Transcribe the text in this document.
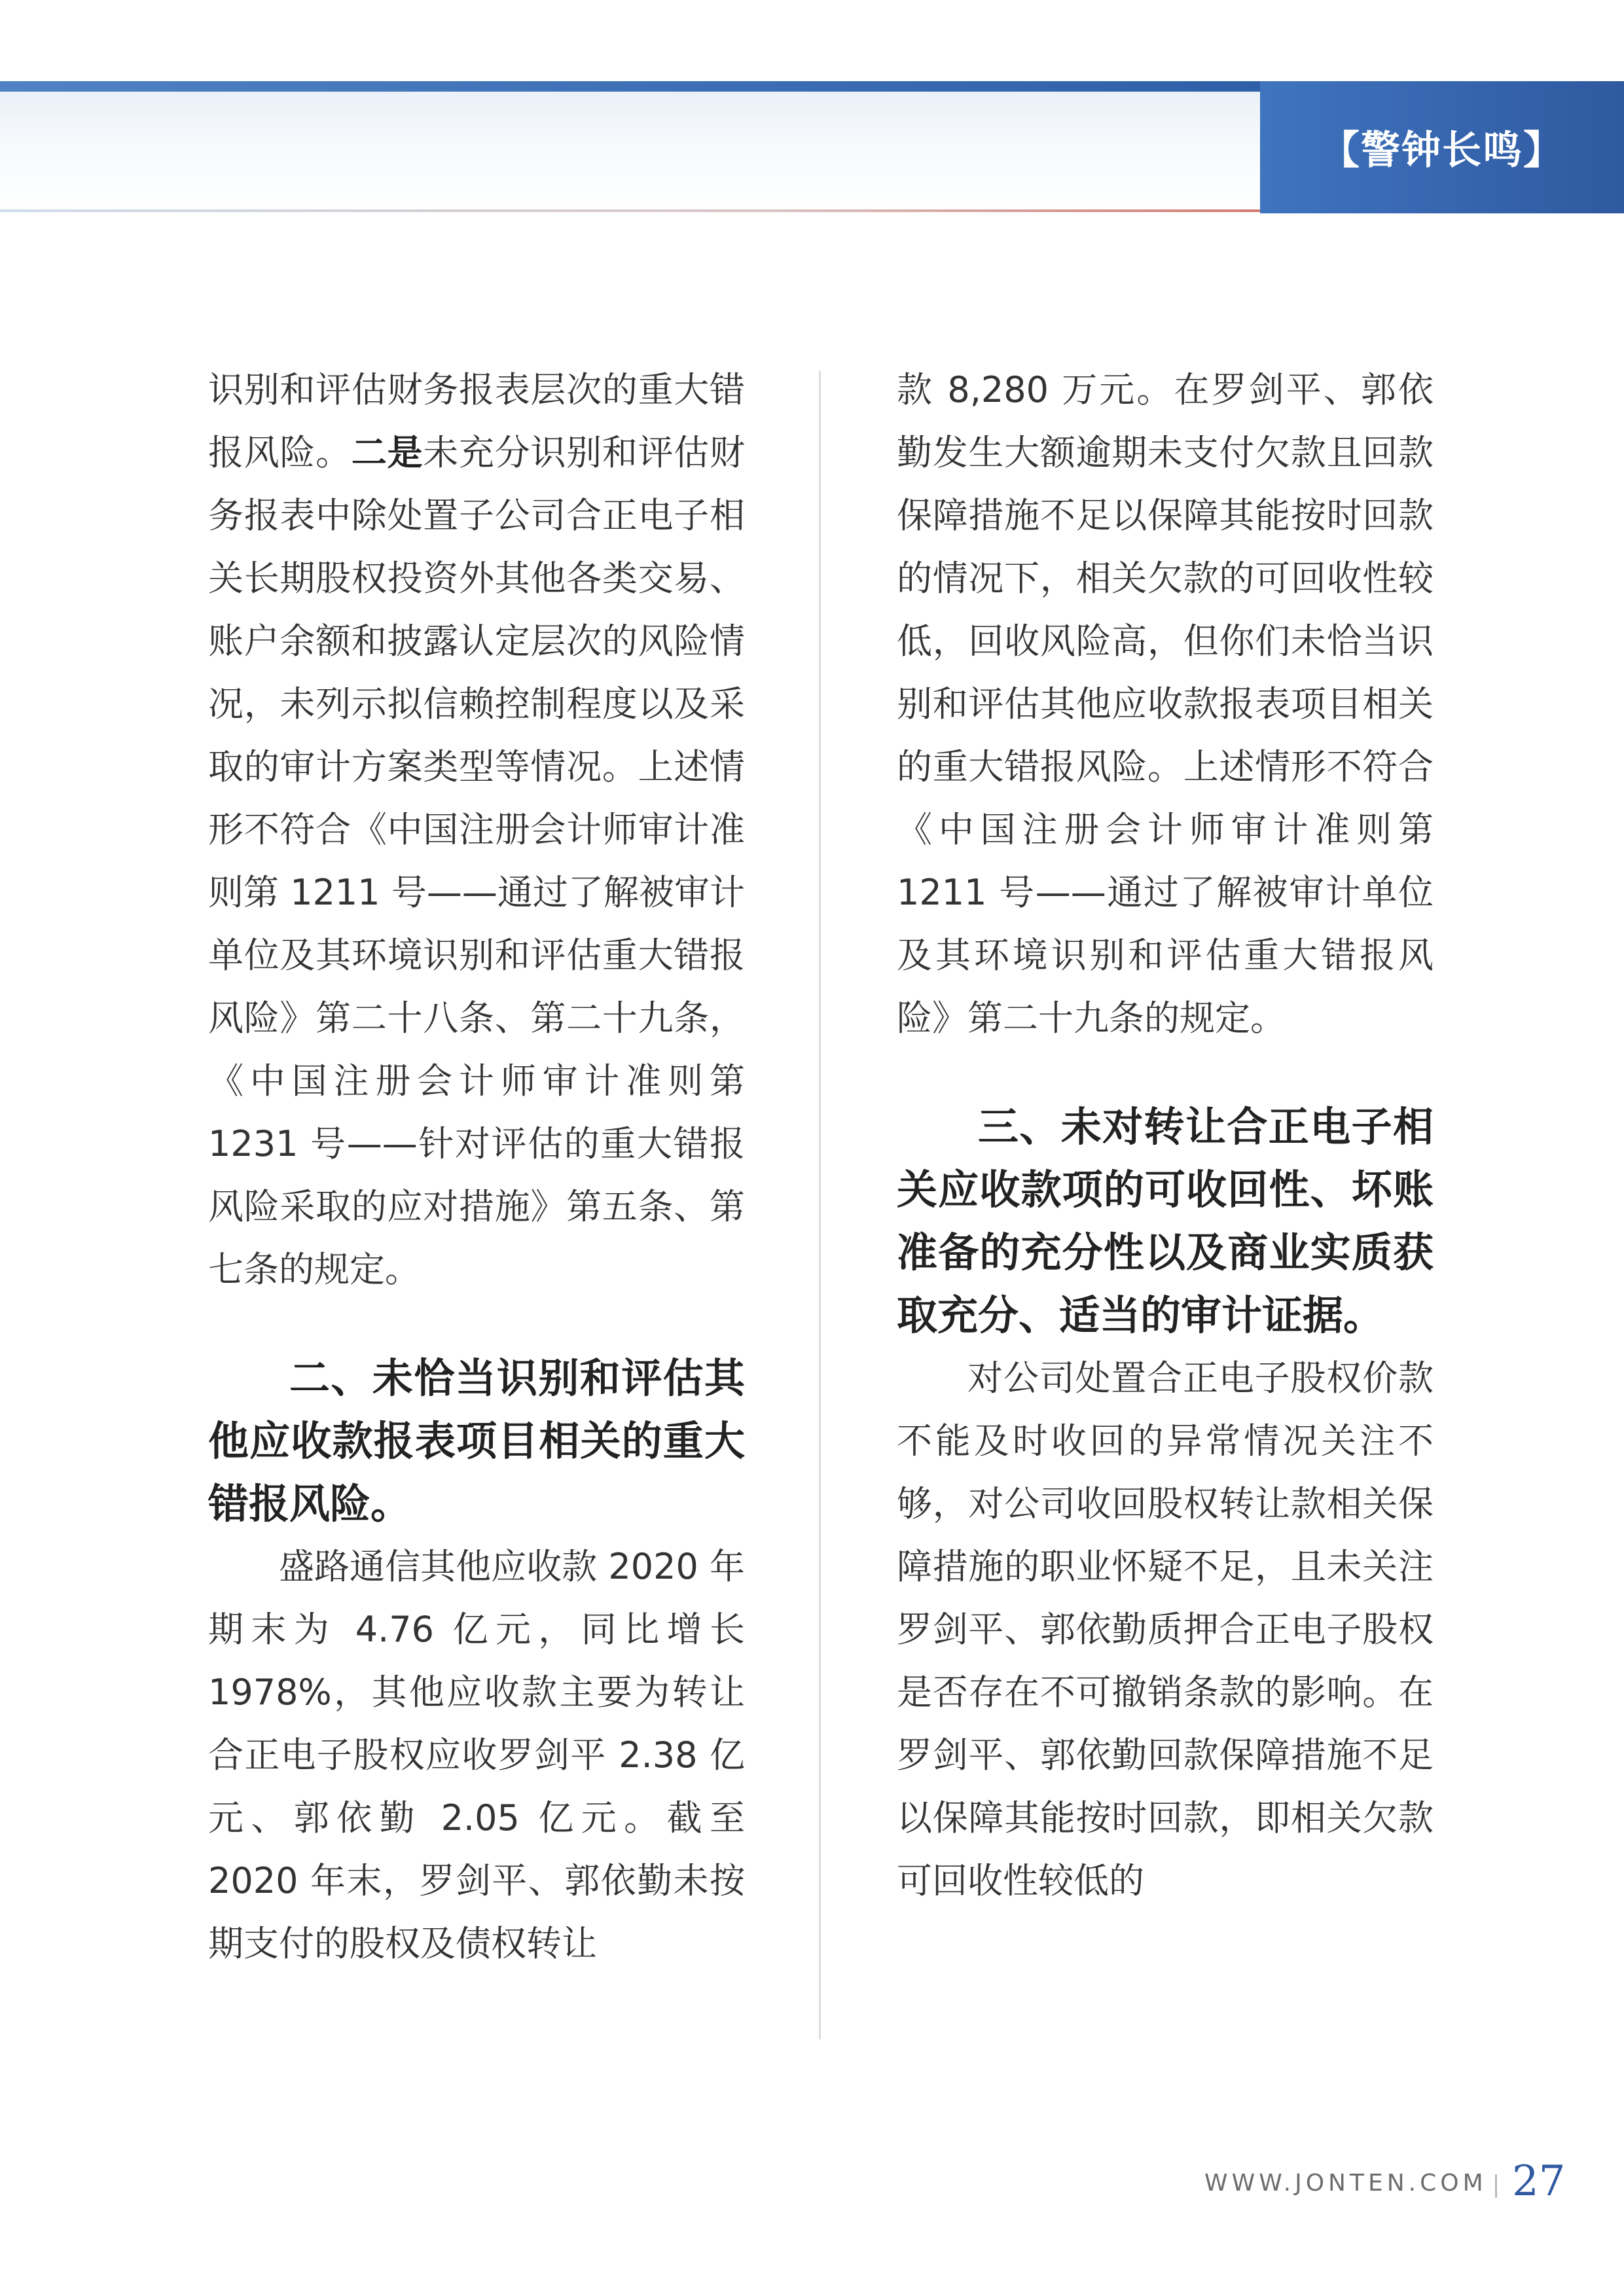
【警钟长鸣】

识别和评估财务报表层次的重大错报风险。二是未充分识别和评估财务报表中除处置子公司合正电子相关长期股权投资外其他各类交易、账户余额和披露认定层次的风险情况，未列示拟信赖控制程度以及采取的审计方案类型等情况。上述情形不符合《中国注册会计师审计准则第 1211 号——通过了解被审计单位及其环境识别和评估重大错报风险》第二十八条、第二十九条，《中国注册会计师审计准则第 1231 号——针对评估的重大错报风险采取的应对措施》第五条、第七条的规定。

二、未恰当识别和评估其他应收款报表项目相关的重大错报风险。

盛路通信其他应收款 2020 年期末为 4.76 亿元，同比增长 1978%，其他应收款主要为转让合正电子股权应收罗剑平 2.38 亿元、郭依勤 2.05 亿元。截至 2020 年末，罗剑平、郭依勤未按期支付的股权及债权转让

款 8,280 万元。在罗剑平、郭依勤发生大额逾期未支付欠款且回款保障措施不足以保障其能按时回款的情况下，相关欠款的可回收性较低，回收风险高，但你们未恰当识别和评估其他应收款报表项目相关的重大错报风险。上述情形不符合《中国注册会计师审计准则第 1211 号——通过了解被审计单位及其环境识别和评估重大错报风险》第二十九条的规定。

三、未对转让合正电子相关应收款项的可收回性、坏账准备的充分性以及商业实质获取充分、适当的审计证据。

对公司处置合正电子股权价款不能及时收回的异常情况关注不够，对公司收回股权转让款相关保障措施的职业怀疑不足，且未关注罗剑平、郭依勤质押合正电子股权是否存在不可撤销条款的影响。在罗剑平、郭依勤回款保障措施不足以保障其能按时回款，即相关欠款可回收性较低的

WWW.JONTEN.COM 27
